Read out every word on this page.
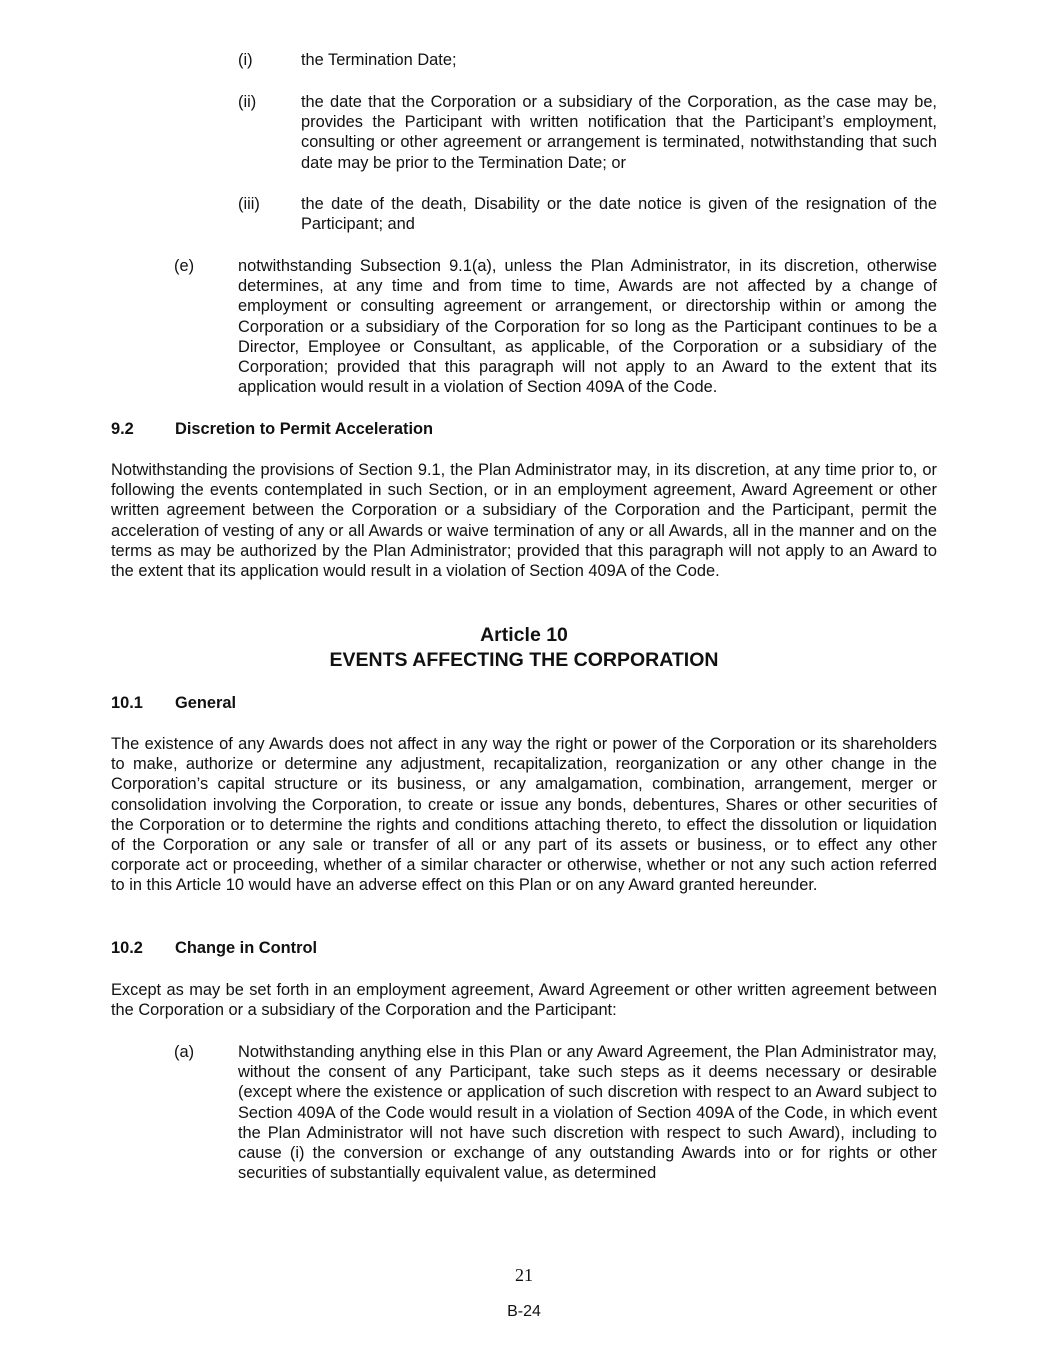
(i)	the Termination Date;
(ii)	the date that the Corporation or a subsidiary of the Corporation, as the case may be, provides the Participant with written notification that the Participant’s employment, consulting or other agreement or arrangement is terminated, notwithstanding that such date may be prior to the Termination Date; or
(iii)	the date of the death, Disability or the date notice is given of the resignation of the Participant; and
(e)	notwithstanding Subsection 9.1(a), unless the Plan Administrator, in its discretion, otherwise determines, at any time and from time to time, Awards are not affected by a change of employment or consulting agreement or arrangement, or directorship within or among the Corporation or a subsidiary of the Corporation for so long as the Participant continues to be a Director, Employee or Consultant, as applicable, of the Corporation or a subsidiary of the Corporation; provided that this paragraph will not apply to an Award to the extent that its application would result in a violation of Section 409A of the Code.
9.2	Discretion to Permit Acceleration
Notwithstanding the provisions of Section 9.1, the Plan Administrator may, in its discretion, at any time prior to, or following the events contemplated in such Section, or in an employment agreement, Award Agreement or other written agreement between the Corporation or a subsidiary of the Corporation and the Participant, permit the acceleration of vesting of any or all Awards or waive termination of any or all Awards, all in the manner and on the terms as may be authorized by the Plan Administrator; provided that this paragraph will not apply to an Award to the extent that its application would result in a violation of Section 409A of the Code.
Article 10
EVENTS AFFECTING THE CORPORATION
10.1 General
The existence of any Awards does not affect in any way the right or power of the Corporation or its shareholders to make, authorize or determine any adjustment, recapitalization, reorganization or any other change in the Corporation’s capital structure or its business, or any amalgamation, combination, arrangement, merger or consolidation involving the Corporation, to create or issue any bonds, debentures, Shares or other securities of the Corporation or to determine the rights and conditions attaching thereto, to effect the dissolution or liquidation of the Corporation or any sale or transfer of all or any part of its assets or business, or to effect any other corporate act or proceeding, whether of a similar character or otherwise, whether or not any such action referred to in this Article 10 would have an adverse effect on this Plan or on any Award granted hereunder.
10.2 Change in Control
Except as may be set forth in an employment agreement, Award Agreement or other written agreement between the Corporation or a subsidiary of the Corporation and the Participant:
(a)	Notwithstanding anything else in this Plan or any Award Agreement, the Plan Administrator may, without the consent of any Participant, take such steps as it deems necessary or desirable (except where the existence or application of such discretion with respect to an Award subject to Section 409A of the Code would result in a violation of Section 409A of the Code, in which event the Plan Administrator will not have such discretion with respect to such Award), including to cause (i) the conversion or exchange of any outstanding Awards into or for rights or other securities of substantially equivalent value, as determined
21
B-24
